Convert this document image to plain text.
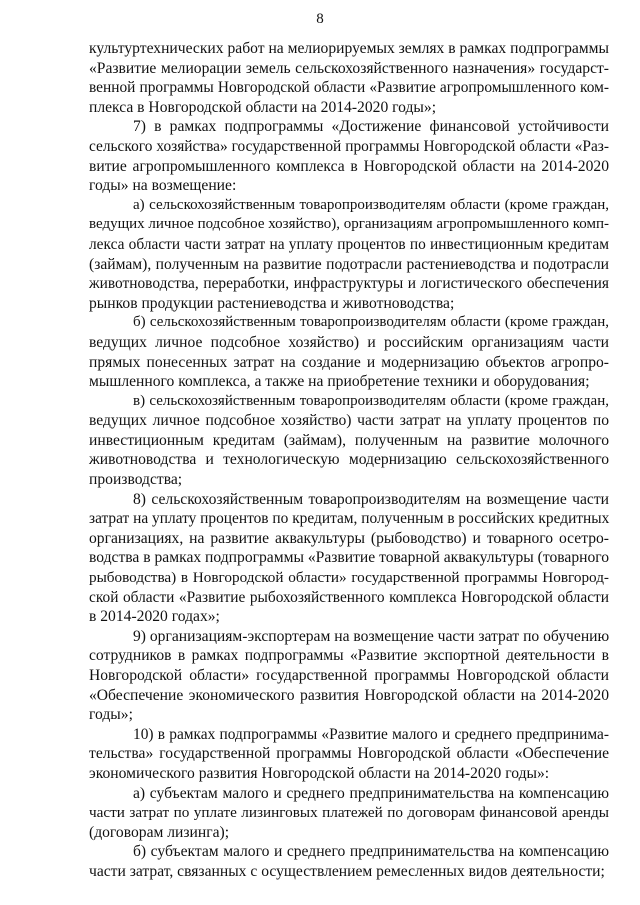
8

культуртехнических работ на мелиорируемых землях в рамках подпрограммы
«Развитие мелиорации земель сельскохозяйственного назначения» государст-
венной программы Новгородской области «Развитие агропромышленного ком-
плекса в Новгородской области на 2014-2020 годы»;

7) в рамках подпрограммы «Достижение финансовой устойчивости
сельского хозяйства» государственной программы Новгородской области «Раз-
витие агропромышленного комплекса в Новгородской области на 2014-2020
годы» на возмещение:

а) сельскохозяйственным товаропроизводителям области (кроме граждан,
ведущих личное подсобное хозяйство), организациям агропромышленного комп-
лекса области части затрат на уплату процентов по инвестиционным кредитам
(займам), полученным на развитие подотрасли растениеводства и подотрасли
животноводства, переработки, инфраструктуры и логистического обеспечения
рынков продукции растениеводства и животноводства;

б) сельскохозяйственным товаропроизводителям области (кроме граждан,
ведущих личное подсобное хозяйство) и российским организациям части
прямых понесенных затрат на создание и модернизацию объектов агропро-
мышленного комплекса, а также на приобретение техники и оборудования;

в) сельскохозяйственным товаропроизводителям области (кроме граждан,
ведущих личное подсобное хозяйство) части затрат на уплату процентов по
инвестиционным кредитам (займам), полученным на развитие молочного
животноводства и технологическую модернизацию сельскохозяйственного
производства;

8) сельскохозяйственным товаропроизводителям на возмещение части
затрат на уплату процентов по кредитам, полученным в российских кредитных
организациях, на развитие аквакультуры (рыбоводство) и товарного осетро-
водства в рамках подпрограммы «Развитие товарной аквакультуры (товарного
рыбоводства) в Новгородской области» государственной программы Новгород-
ской области «Развитие рыбохозяйственного комплекса Новгородской области
в 2014-2020 годах»;

9) организациям-экспортерам на возмещение части затрат по обучению
сотрудников в рамках подпрограммы «Развитие экспортной деятельности в
Новгородской области» государственной программы Новгородской области
«Обеспечение экономического развития Новгородской области на 2014-2020
годы»;

10) в рамках подпрограммы «Развитие малого и среднего предпринима-
тельства» государственной программы Новгородской области «Обеспечение
экономического развития Новгородской области на 2014-2020 годы»:

а) субъектам малого и среднего предпринимательства на компенсацию
части затрат по уплате лизинговых платежей по договорам финансовой аренды
(договорам лизинга);

б) субъектам малого и среднего предпринимательства на компенсацию
части затрат, связанных с осуществлением ремесленных видов деятельности;
